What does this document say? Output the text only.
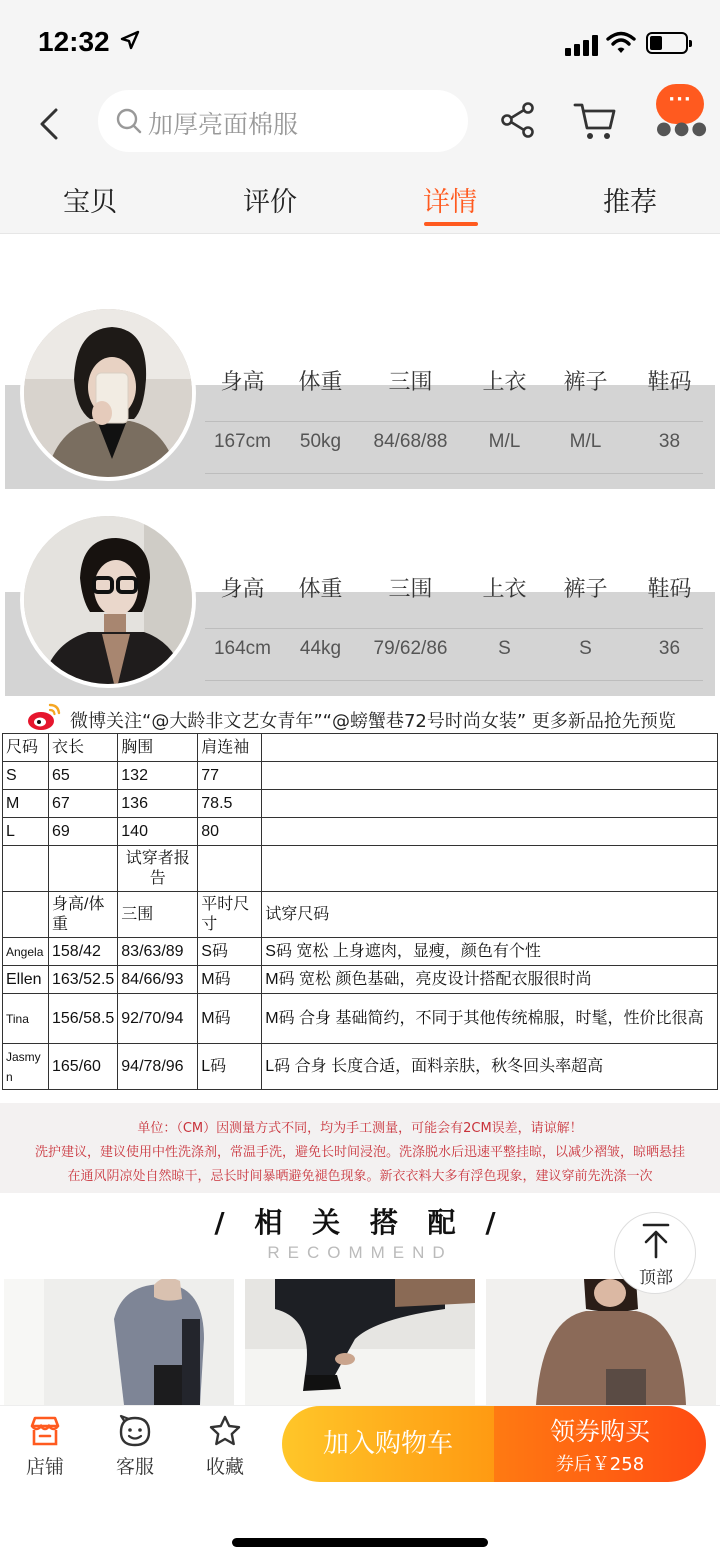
12:32
加厚亮面棉服
···
●●●
宝贝	评价	详情	推荐
身高	体重	三围	上衣	裤子	鞋码
167cm	50kg	84/68/88	M/L	M/L	38
身高	体重	三围	上衣	裤子	鞋码
164cm	44kg	79/62/86	S	S	36
微博关注“@大龄非文艺女青年”“@螃蟹巷72号时尚女装” 更多新品抢先预览
尺码	衣长	胸围	肩连袖	
S	65	132	77	
M	67	136	78.5	
L	69	140	80	
		试穿者报告		
	身高/体重	三围	平时尺寸	试穿尺码
Angela	158/42	83/63/89	S码	S码 宽松 上身遮肉，显瘦，颜色有个性
Ellen	163/52.5	84/66/93	M码	M码 宽松 颜色基础，亮皮设计搭配衣服很时尚
Tina	156/58.5	92/70/94	M码	M码 合身 基础简约，不同于其他传统棉服，时髦，性价比很高
Jasmyn	165/60	94/78/96	L码	L码 合身 长度合适，面料亲肤，秋冬回头率超高
单位：（CM）因测量方式不同，均为手工测量，可能会有2CM误差，请谅解！
洗护建议，建议使用中性洗涤剂，常温手洗，避免长时间浸泡。洗涤脱水后迅速平整挂晾，以减少褶皱，晾晒悬挂
在通风阴凉处自然晾干，忌长时间暴晒避免褪色现象。新衣衣料大多有浮色现象，建议穿前先洗涤一次
/ 相 关 搭 配 /
RECOMMEND
顶部
店铺	客服	收藏
加入购物车	领券购买
券后￥258
